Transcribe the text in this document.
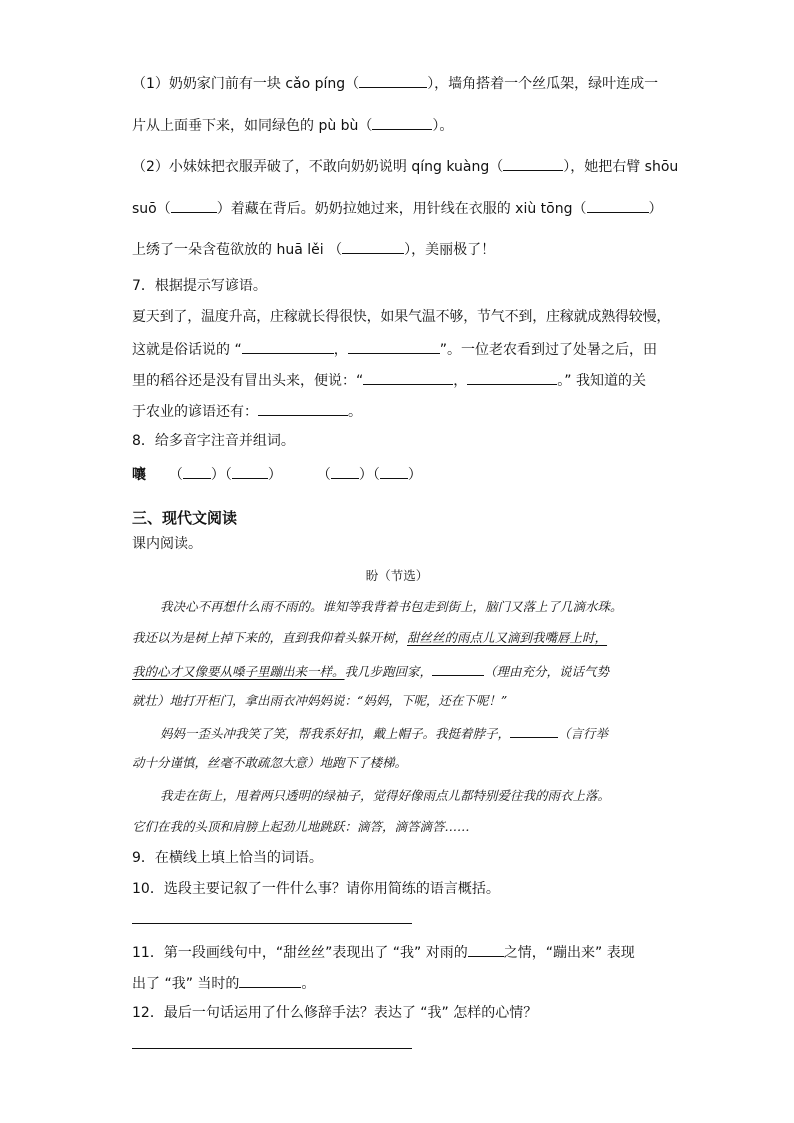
（1）奶奶家门前有一块 cǎo píng（	），墙角搭着一个丝瓜架，绿叶连成一
片从上面垂下来，如同绿色的 pù bù（	）。
（2）小妹妹把衣服弄破了，不敢向奶奶说明 qíng kuàng（	），她把右臂 shōu
suō（	）着藏在背后。奶奶拉她过来，用针线在衣服的 xiù tōng（	）
上绣了一朵含苞欲放的 huā lěi （	），美丽极了！
7．根据提示写谚语。
夏天到了，温度升高，庄稼就长得很快，如果气温不够，节气不到，庄稼就成熟得较慢，
这就是俗话说的 “	，	”。一位老农看到过了处暑之后，田
里的稻谷还是没有冒出头来，便说：“	，	。” 我知道的关
于农业的谚语还有：	。
8．给多音字注音并组词。
嚷 （ ）（	） （ ）（ ）
三、现代文阅读
课内阅读。
盼（节选）
我决心不再想什么雨不雨的。谁知等我背着书包走到街上，脑门又落上了几滴水珠。
我还以为是树上掉下来的，直到我仰着头躲开树，甜丝丝的雨点儿又滴到我嘴唇上时，
我的心才又像要从嗓子里蹦出来一样。我几步跑回家，	（理由充分，说话气势
就壮）地打开柜门，拿出雨衣冲妈妈说：“妈妈，下呢，还在下呢！”
妈妈一歪头冲我笑了笑，帮我系好扣，戴上帽子。我挺着脖子，	（言行举
动十分谨慎，丝毫不敢疏忽大意）地跑下了楼梯。
我走在街上，甩着两只透明的绿袖子，觉得好像雨点儿都特别爱往我的雨衣上落。
它们在我的头顶和肩膀上起劲儿地跳跃：滴答，滴答滴答……
9．在横线上填上恰当的词语。
10．选段主要记叙了一件什么事？请你用简练的语言概括。
11．第一段画线句中，“甜丝丝”表现出了 “我” 对雨的	之情，“蹦出来” 表现
出了 “我” 当时的	。
12．最后一句话运用了什么修辞手法？表达了 “我” 怎样的心情？
